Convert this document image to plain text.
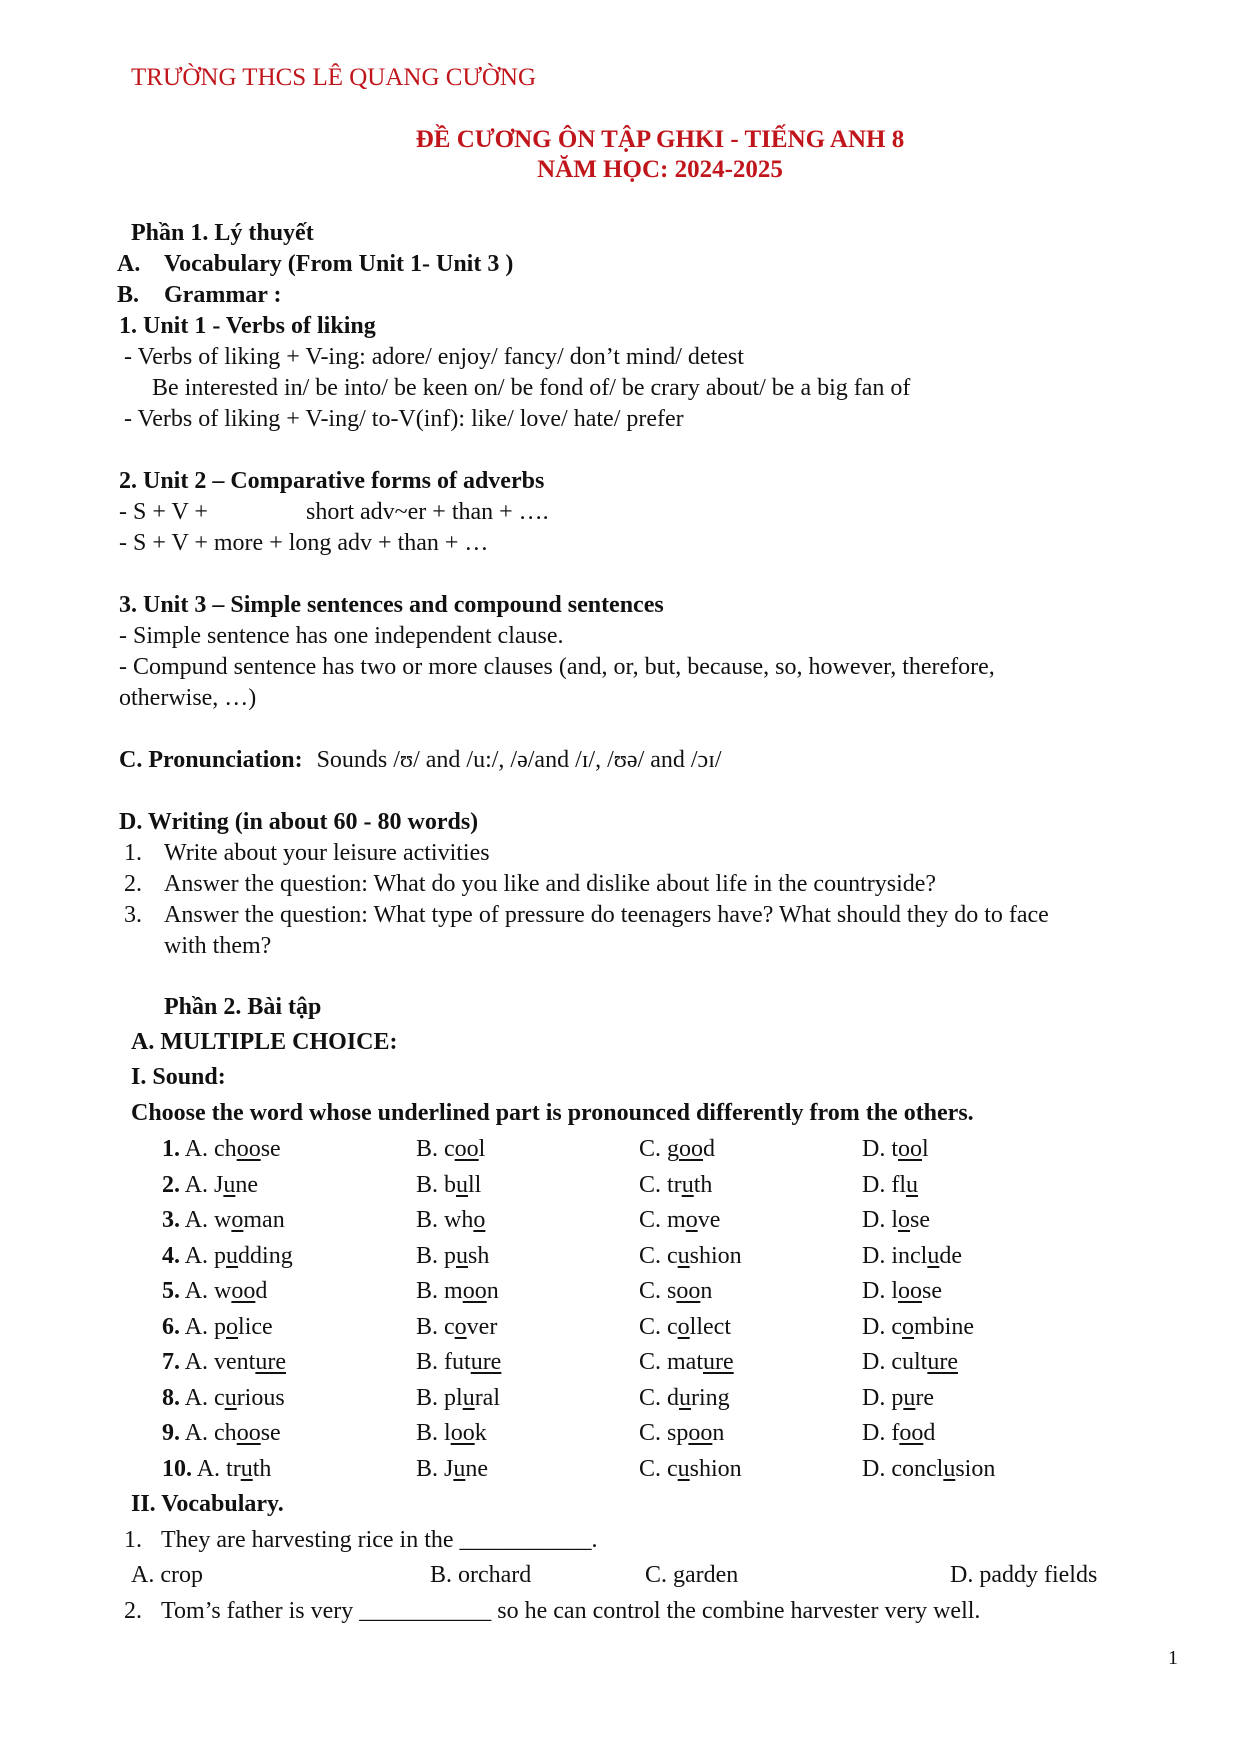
TRƯỜNG THCS LÊ QUANG CƯỜNG
ĐỀ CƯƠNG ÔN TẬP GHKI - TIẾNG ANH 8
NĂM HỌC: 2024-2025
Phần 1. Lý thuyết
A. Vocabulary (From Unit 1- Unit 3 )
B. Grammar :
1. Unit 1 - Verbs of liking
- Verbs of liking + V-ing: adore/ enjoy/ fancy/ don’t mind/ detest
Be interested in/ be into/ be keen on/ be fond of/ be crary about/ be a big fan of
- Verbs of liking + V-ing/ to-V(inf): like/ love/ hate/ prefer
2. Unit 2 – Comparative forms of adverbs
- S + V +	short adv~er + than + ….
- S + V + more + long adv + than + …
3. Unit 3 – Simple sentences and compound sentences
- Simple sentence has one independent clause.
- Compund sentence has two or more clauses (and, or, but, because, so, however, therefore,
otherwise, …)
C. Pronunciation: Sounds /ʊ/ and /u:/, /ə/and /ɪ/, /ʊə/ and /ɔɪ/
D. Writing (in about 60 - 80 words)
1. Write about your leisure activities
2. Answer the question: What do you like and dislike about life in the countryside?
3. Answer the question: What type of pressure do teenagers have? What should they do to face
with them?
Phần 2. Bài tập
A. MULTIPLE CHOICE:
I. Sound:
Choose the word whose underlined part is pronounced differently from the others.
1. A. choose	B. cool	C. good	D. tool
2. A. June	B. bull	C. truth	D. flu
3. A. woman	B. who	C. move	D. lose
4. A. pudding	B. push	C. cushion	D. include
5. A. wood	B. moon	C. soon	D. loose
6. A. police	B. cover	C. collect	D. combine
7. A. venture	B. future	C. mature	D. culture
8. A. curious	B. plural	C. during	D. pure
9. A. choose	B. look	C. spoon	D. food
10. A. truth	B. June	C. cushion	D. conclusion
II. Vocabulary.
1. They are harvesting rice in the ___________.
A. crop	B. orchard	C. garden	D. paddy fields
2. Tom’s father is very ___________ so he can control the combine harvester very well.
1
